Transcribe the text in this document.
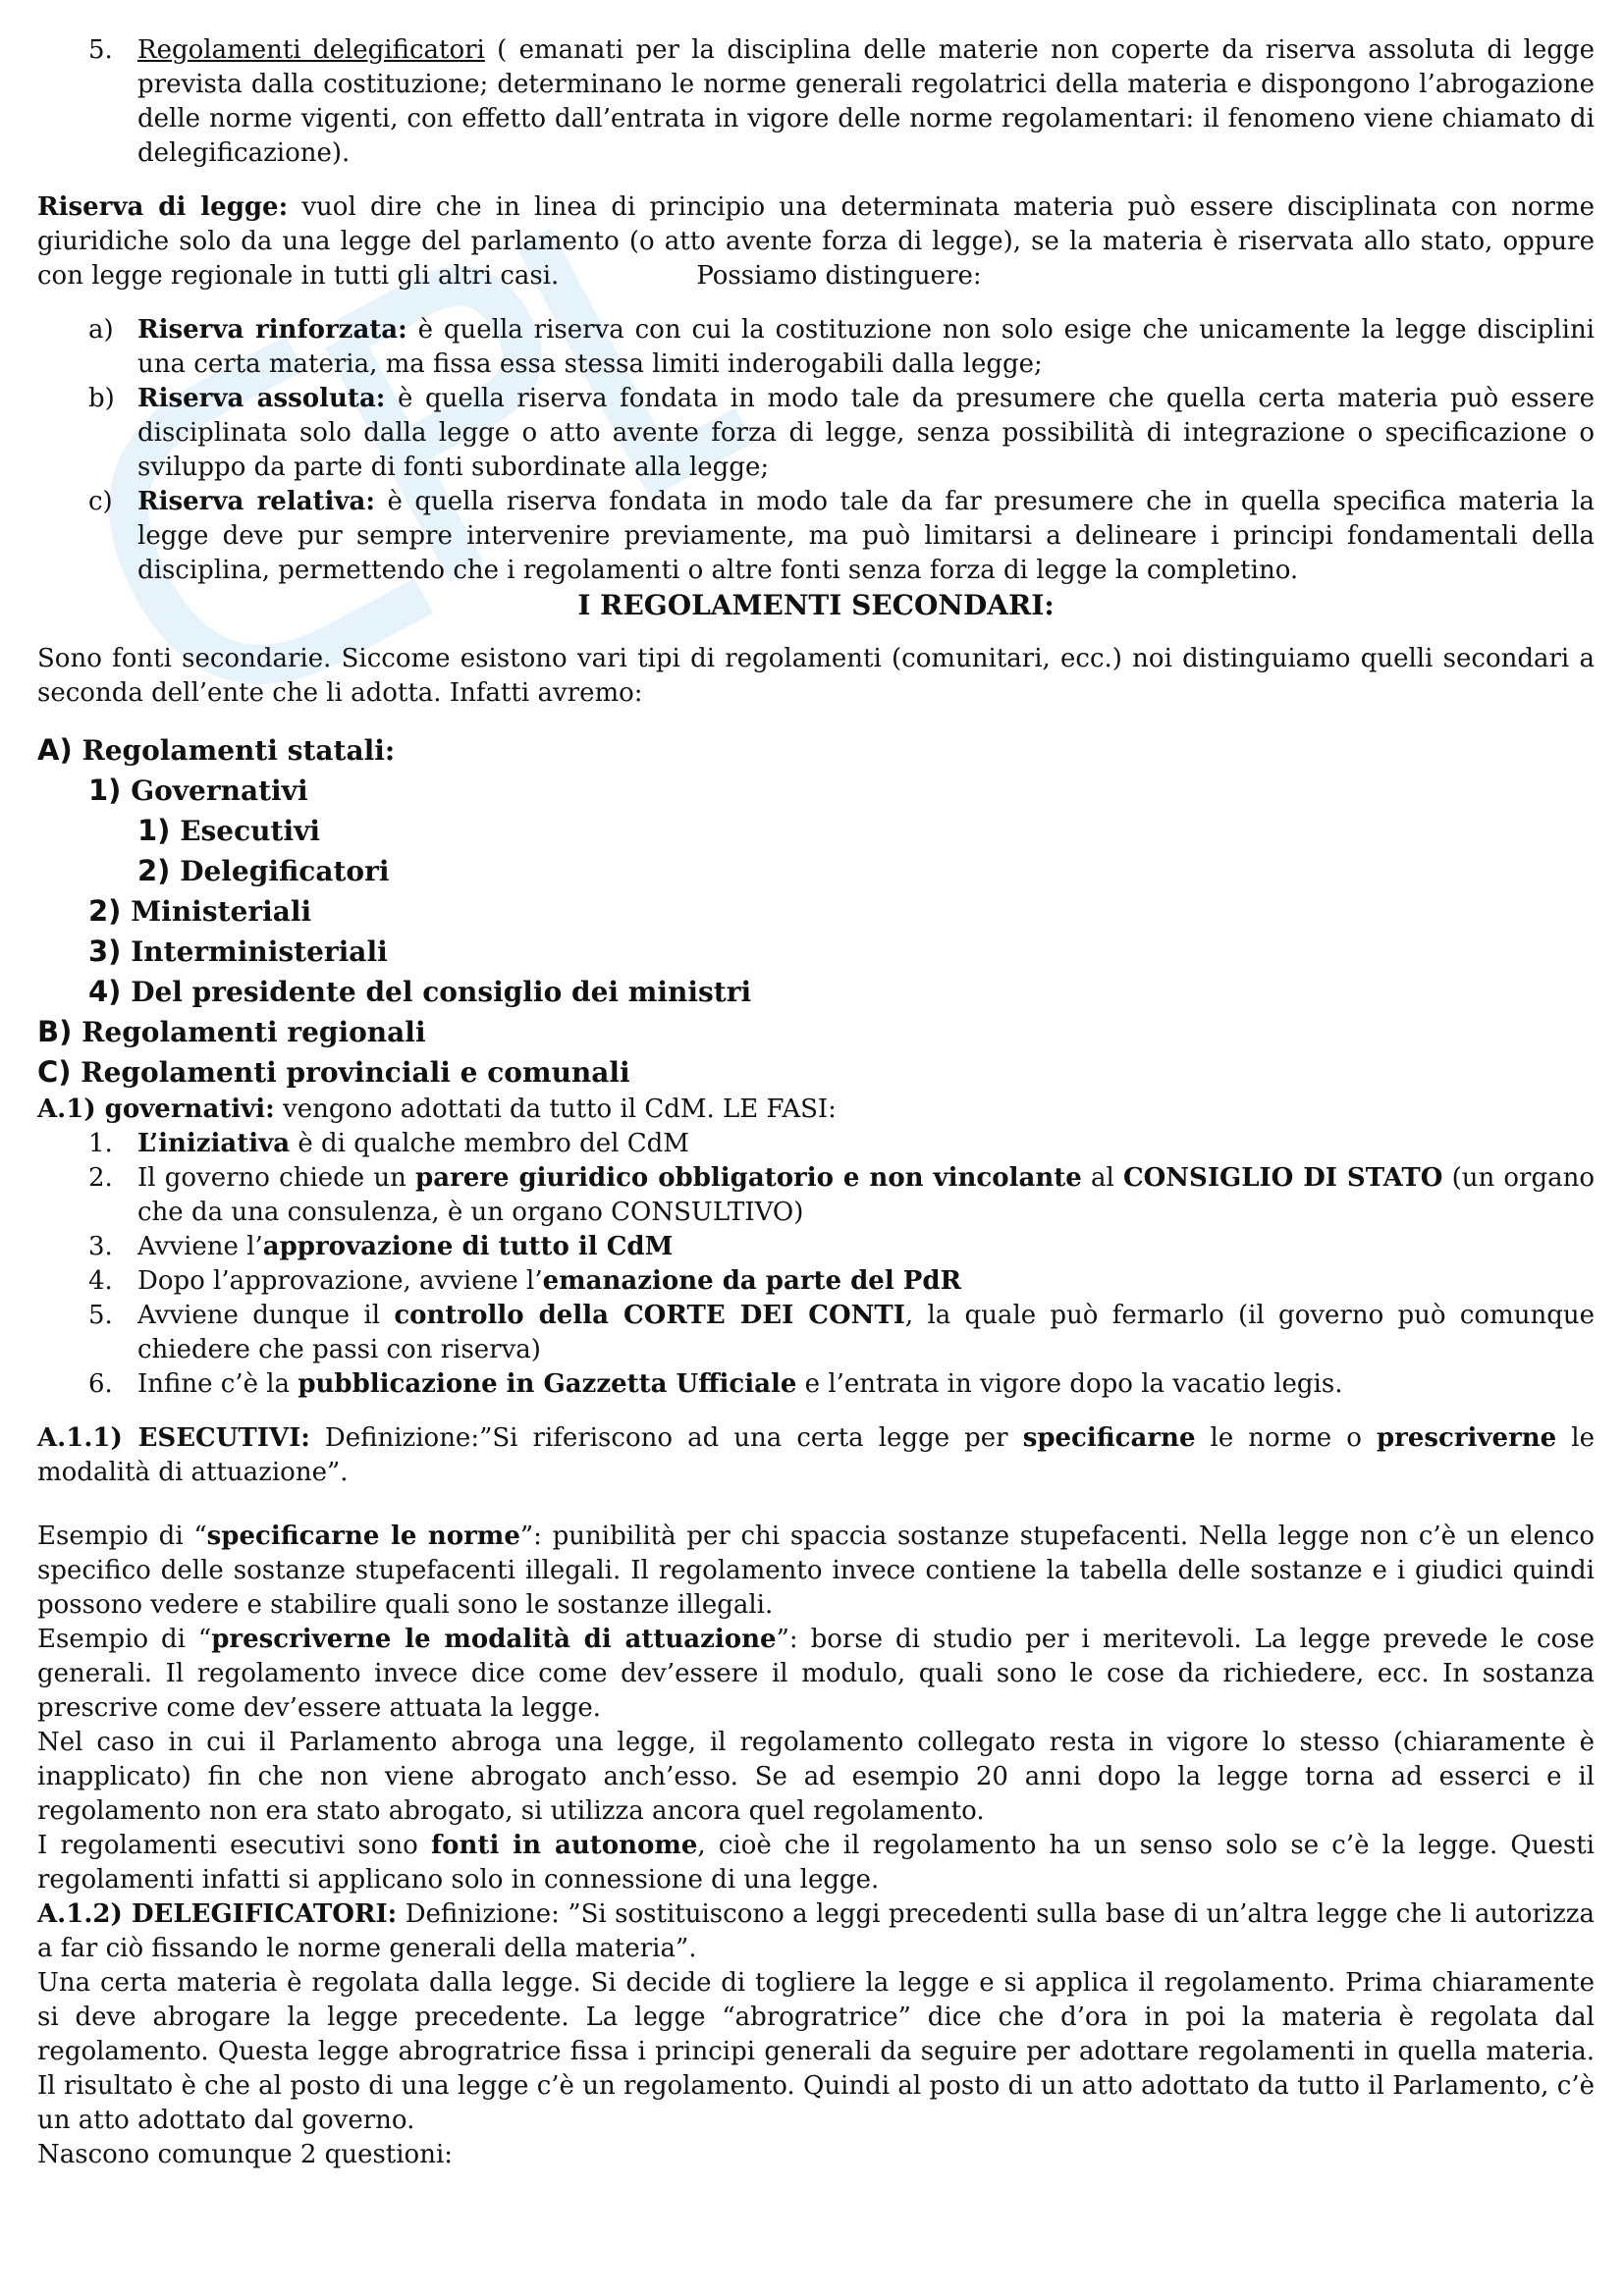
5. Regolamenti delegificatori ( emanati per la disciplina delle materie non coperte da riserva assoluta di legge prevista dalla costituzione; determinano le norme generali regolatrici della materia e dispongono l’abrogazione delle norme vigenti, con effetto dall’entrata in vigore delle norme regolamentari: il fenomeno viene chiamato di delegificazione).

Riserva di legge: vuol dire che in linea di principio una determinata materia può essere disciplinata con norme giuridiche solo da una legge del parlamento (o atto avente forza di legge), se la materia è riservata allo stato, oppure con legge regionale in tutti gli altri casi.	Possiamo distinguere:

a) Riserva rinforzata: è quella riserva con cui la costituzione non solo esige che unicamente la legge disciplini una certa materia, ma fissa essa stessa limiti inderogabili dalla legge;
b) Riserva assoluta: è quella riserva fondata in modo tale da presumere che quella certa materia può essere disciplinata solo dalla legge o atto avente forza di legge, senza possibilità di integrazione o specificazione o sviluppo da parte di fonti subordinate alla legge;
c) Riserva relativa: è quella riserva fondata in modo tale da far presumere che in quella specifica materia la legge deve pur sempre intervenire previamente, ma può limitarsi a delineare i principi fondamentali della disciplina, permettendo che i regolamenti o altre fonti senza forza di legge la completino.

I REGOLAMENTI SECONDARI:

Sono fonti secondarie. Siccome esistono vari tipi di regolamenti (comunitari, ecc.) noi distinguiamo quelli secondari a seconda dell’ente che li adotta. Infatti avremo:

A) Regolamenti statali:
1) Governativi
1) Esecutivi
2) Delegificatori
2) Ministeriali
3) Interministeriali
4) Del presidente del consiglio dei ministri
B) Regolamenti regionali
C) Regolamenti provinciali e comunali

A.1) governativi: vengono adottati da tutto il CdM. LE FASI:

1. L’iniziativa è di qualche membro del CdM
2. Il governo chiede un parere giuridico obbligatorio e non vincolante al CONSIGLIO DI STATO (un organo che da una consulenza, è un organo CONSULTIVO)
3. Avviene l’approvazione di tutto il CdM
4. Dopo l’approvazione, avviene l’emanazione da parte del PdR
5. Avviene dunque il controllo della CORTE DEI CONTI, la quale può fermarlo (il governo può comunque chiedere che passi con riserva)
6. Infine c’è la pubblicazione in Gazzetta Ufficiale e l’entrata in vigore dopo la vacatio legis.

A.1.1) ESECUTIVI: Definizione:”Si riferiscono ad una certa legge per specificarne le norme o prescriverne le modalità di attuazione”.

Esempio di “specificarne le norme”: punibilità per chi spaccia sostanze stupefacenti. Nella legge non c’è un elenco specifico delle sostanze stupefacenti illegali. Il regolamento invece contiene la tabella delle sostanze e i giudici quindi possono vedere e stabilire quali sono le sostanze illegali.

Esempio di “prescriverne le modalità di attuazione”: borse di studio per i meritevoli. La legge prevede le cose generali. Il regolamento invece dice come dev’essere il modulo, quali sono le cose da richiedere, ecc. In sostanza prescrive come dev’essere attuata la legge.

Nel caso in cui il Parlamento abroga una legge, il regolamento collegato resta in vigore lo stesso (chiaramente è inapplicato) fin che non viene abrogato anch’esso. Se ad esempio 20 anni dopo la legge torna ad esserci e il regolamento non era stato abrogato, si utilizza ancora quel regolamento.

I regolamenti esecutivi sono fonti in autonome, cioè che il regolamento ha un senso solo se c’è la legge. Questi regolamenti infatti si applicano solo in connessione di una legge.

A.1.2) DELEGIFICATORI: Definizione: ”Si sostituiscono a leggi precedenti sulla base di un’altra legge che li autorizza a far ciò fissando le norme generali della materia”.

Una certa materia è regolata dalla legge. Si decide di togliere la legge e si applica il regolamento. Prima chiaramente si deve abrogare la legge precedente. La legge “abrogratrice” dice che d’ora in poi la materia è regolata dal regolamento. Questa legge abrogratrice fissa i principi generali da seguire per adottare regolamenti in quella materia. Il risultato è che al posto di una legge c’è un regolamento. Quindi al posto di un atto adottato da tutto il Parlamento, c’è un atto adottato dal governo.

Nascono comunque 2 questioni:
